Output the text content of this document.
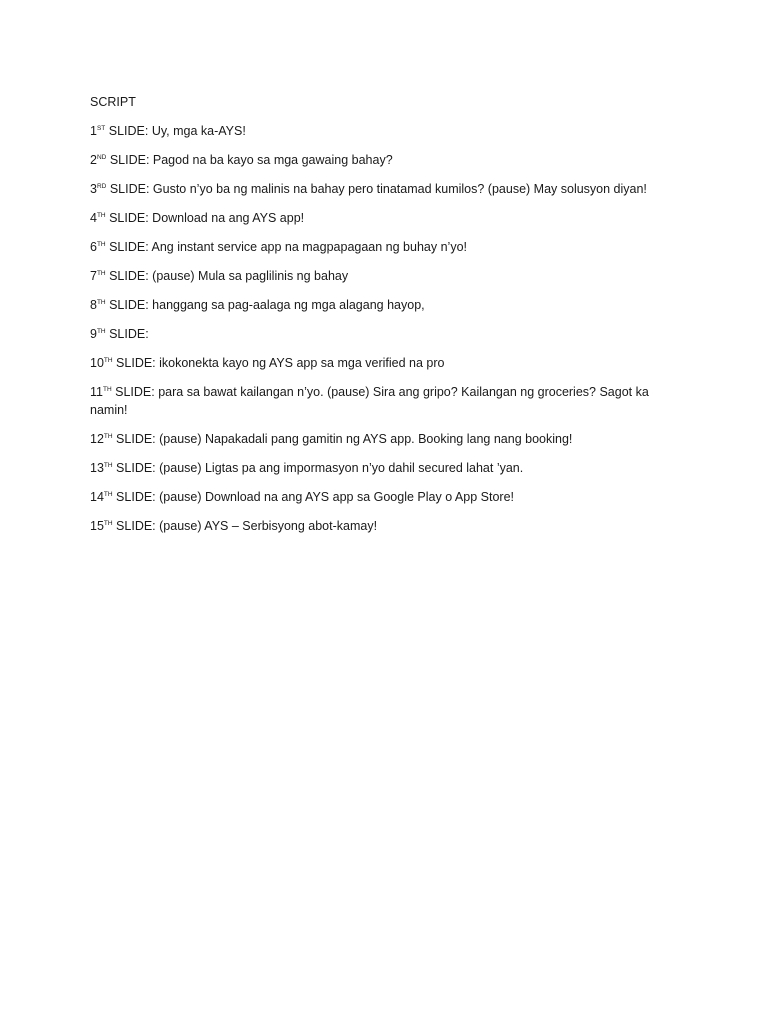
SCRIPT
1ST SLIDE: Uy, mga ka-AYS!
2ND SLIDE: Pagod na ba kayo sa mga gawaing bahay?
3RD SLIDE: Gusto n’yo ba ng malinis na bahay pero tinatamad kumilos? (pause) May solusyon diyan!
4TH SLIDE: Download na ang AYS app!
6TH SLIDE: Ang instant service app na magpapagaan ng buhay n’yo!
7TH SLIDE: (pause) Mula sa paglilinis ng bahay
8TH SLIDE: hanggang sa pag-aalaga ng mga alagang hayop,
9TH SLIDE:
10TH SLIDE: ikokonekta kayo ng AYS app sa mga verified na pro
11TH SLIDE: para sa bawat kailangan n’yo. (pause) Sira ang gripo? Kailangan ng groceries? Sagot ka namin!
12TH SLIDE: (pause) Napakadali pang gamitin ng AYS app. Booking lang nang booking!
13TH SLIDE: (pause) Ligtas pa ang impormasyon n’yo dahil secured lahat ’yan.
14TH SLIDE: (pause) Download na ang AYS app sa Google Play o App Store!
15TH SLIDE: (pause) AYS – Serbisyong abot-kamay!
